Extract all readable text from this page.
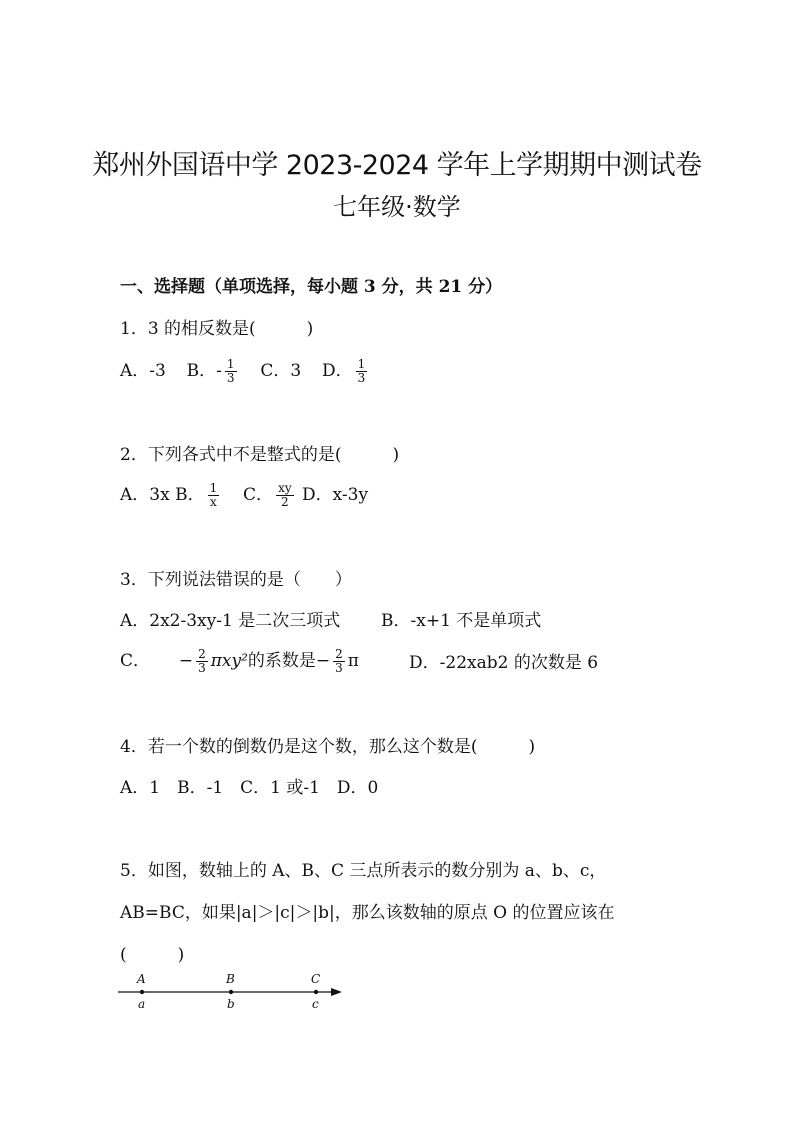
郑州外国语中学 2023-2024 学年上学期期中测试卷
七年级·数学
一、选择题（单项选择，每小题 3 分，共 21 分）
1．3 的相反数是(　　　)
A．-3 B．- $\frac{1}{3}$ C．3 D． $\frac{1}{3}$
2．下列各式中不是整式的是(　　　)
A．3x B． $\frac{1}{x}$ C． $\frac{xy}{2}$ D．x-3y
3．下列说法错误的是（　　）
A．2x2-3xy-1 是二次三项式 B．-x+1 不是单项式
C． − $\frac{2}{3} \pi xy^2$的系数是− $\frac{2}{3}$ π	D．-22xab2 的次数是 6
4．若一个数的倒数仍是这个数，那么这个数是(　　　)
A．1　B．-1　C．1 或-1　D．0
5．如图，数轴上的 A、B、C 三点所表示的数分别为 a、b、c，
AB=BC，如果|a|＞|c|＞|b|，那么该数轴的原点 O 的位置应该在
(　　　)
A	B	C
a	b	c
